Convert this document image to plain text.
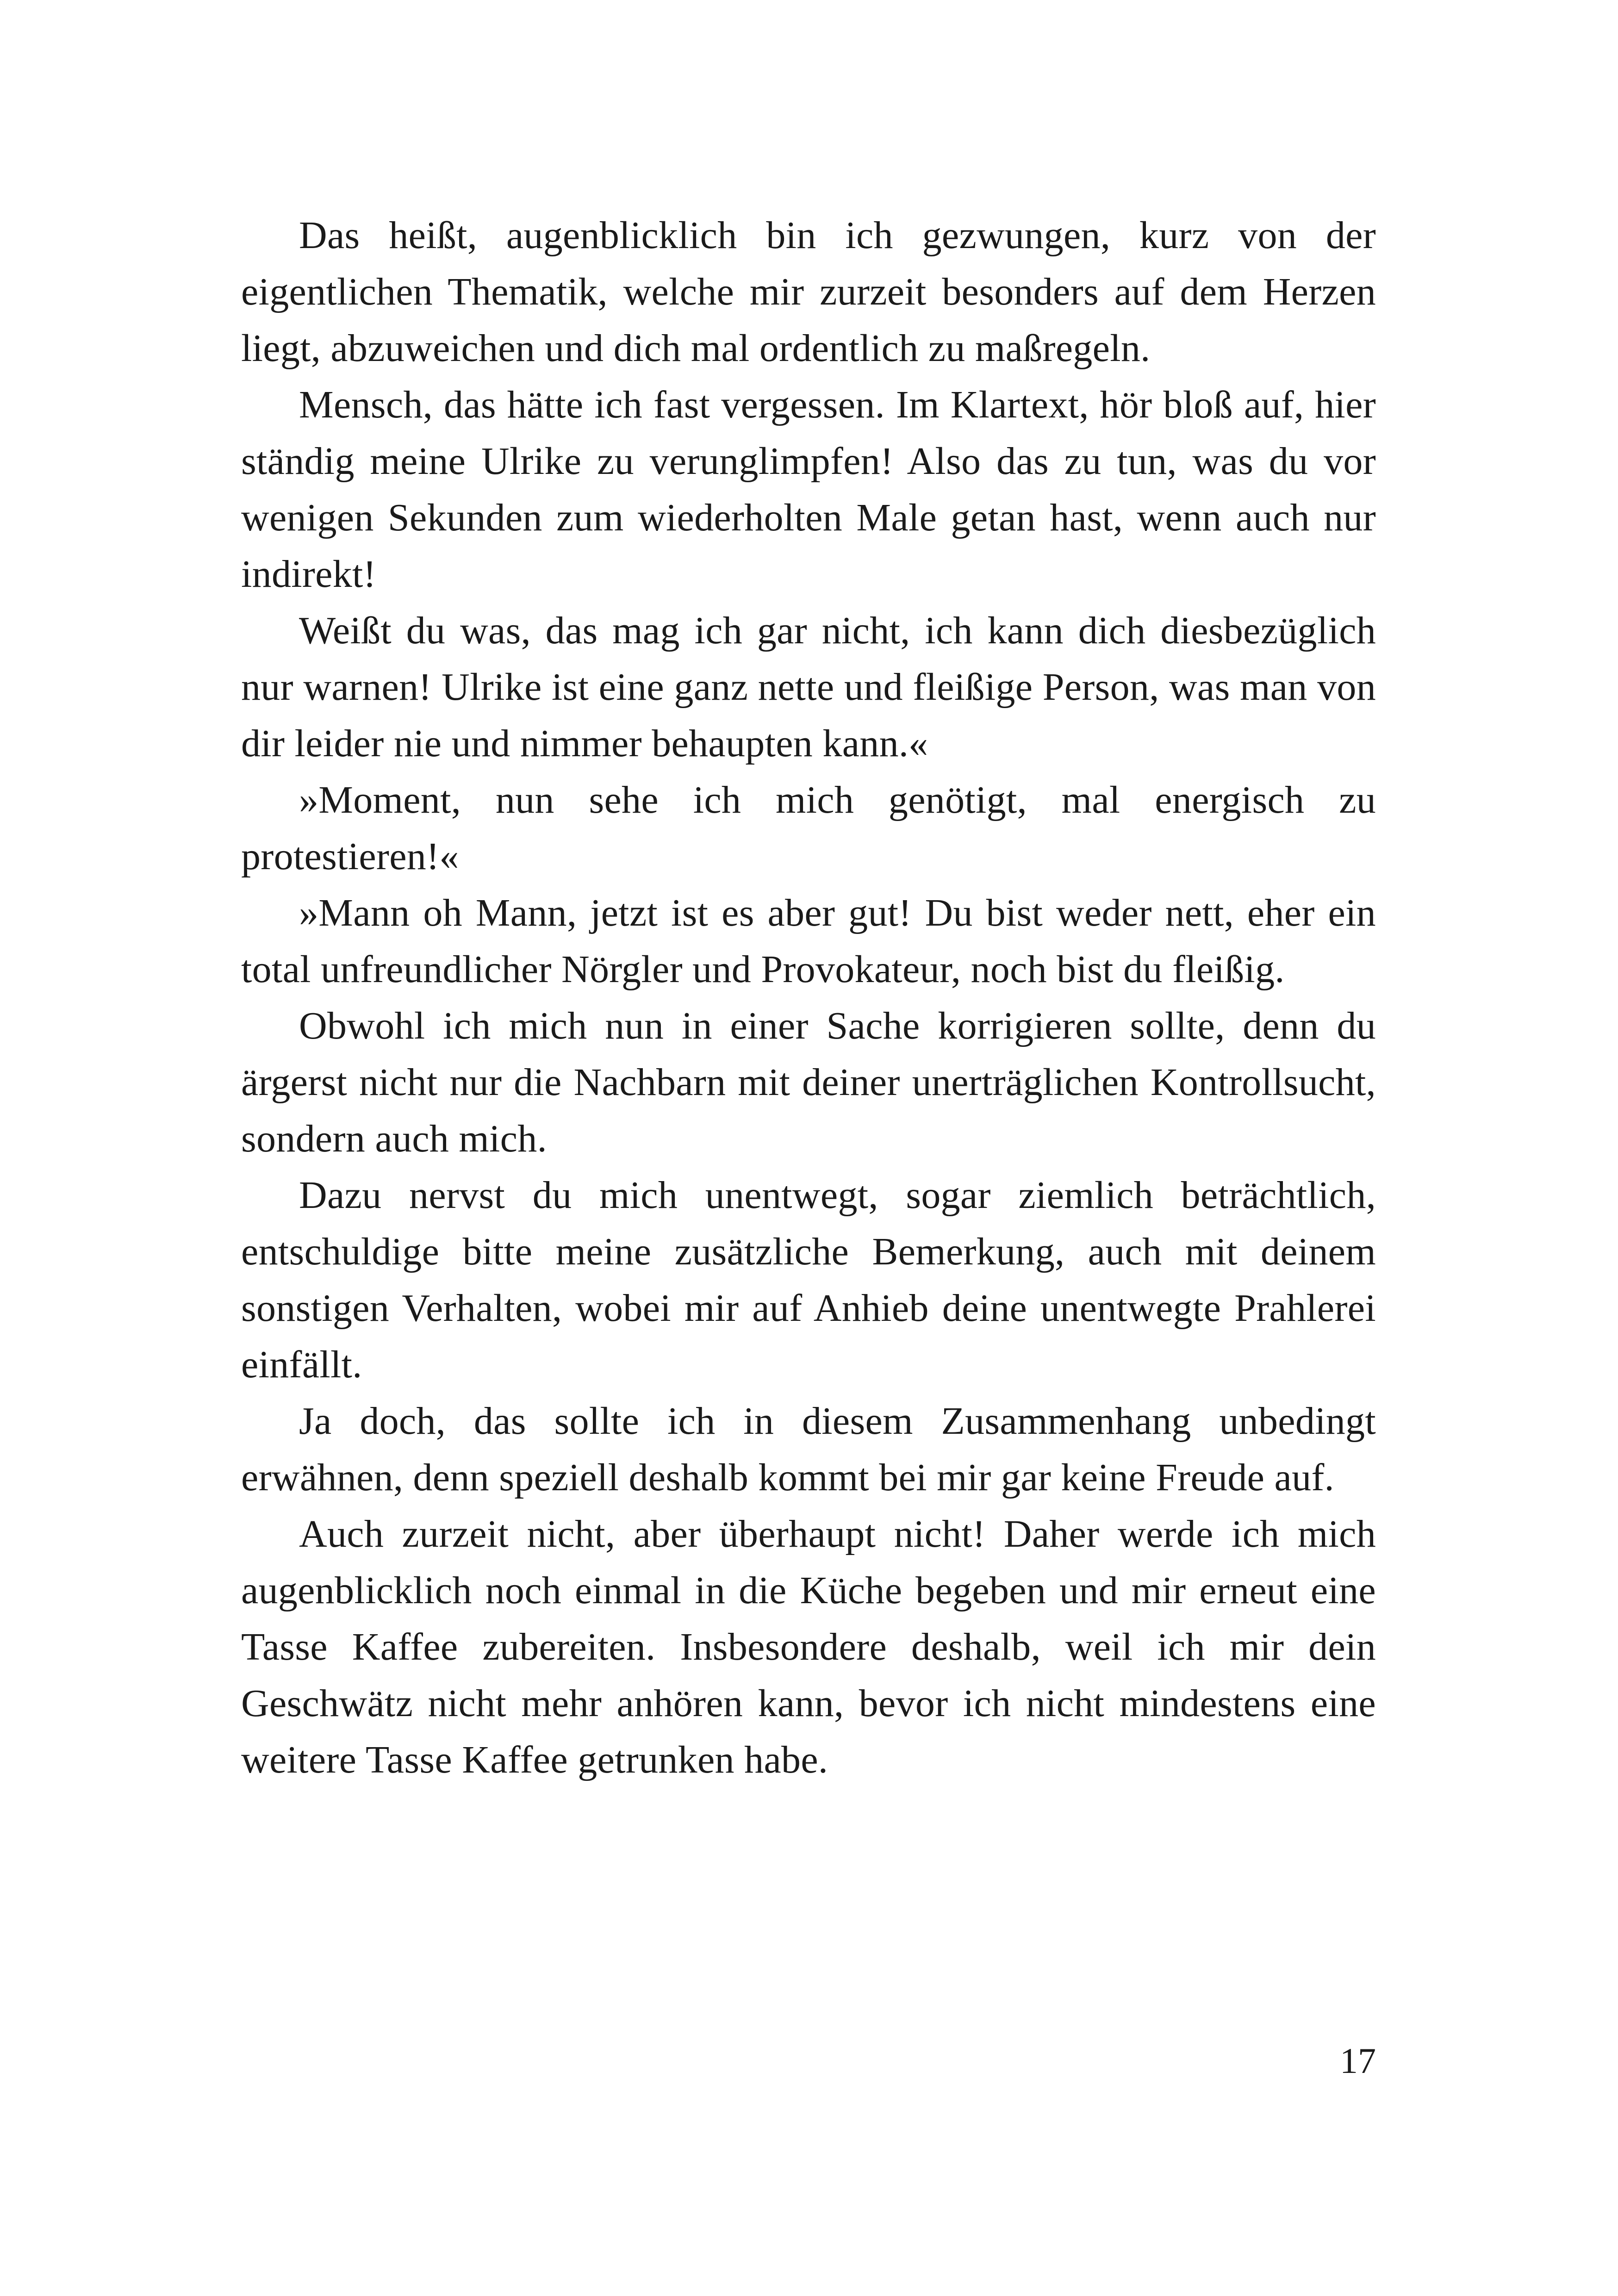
Das heißt, augenblicklich bin ich gezwungen, kurz von der eigentlichen Thematik, welche mir zurzeit besonders auf dem Herzen liegt, abzuweichen und dich mal ordentlich zu maßregeln.

Mensch, das hätte ich fast vergessen. Im Klartext, hör bloß auf, hier ständig meine Ulrike zu verunglimpfen! Also das zu tun, was du vor wenigen Sekunden zum wiederholten Male getan hast, wenn auch nur indirekt!

Weißt du was, das mag ich gar nicht, ich kann dich diesbezüglich nur warnen! Ulrike ist eine ganz nette und fleißige Person, was man von dir leider nie und nimmer behaupten kann.«

»Moment, nun sehe ich mich genötigt, mal energisch zu protestieren!«

»Mann oh Mann, jetzt ist es aber gut! Du bist weder nett, eher ein total unfreundlicher Nörgler und Provokateur, noch bist du fleißig.

Obwohl ich mich nun in einer Sache korrigieren sollte, denn du ärgerst nicht nur die Nachbarn mit deiner unerträglichen Kontrollsucht, sondern auch mich.

Dazu nervst du mich unentwegt, sogar ziemlich beträchtlich, entschuldige bitte meine zusätzliche Bemerkung, auch mit deinem sonstigen Verhalten, wobei mir auf Anhieb deine unentwegte Prahlerei einfällt.

Ja doch, das sollte ich in diesem Zusammenhang unbedingt erwähnen, denn speziell deshalb kommt bei mir gar keine Freude auf.

Auch zurzeit nicht, aber überhaupt nicht! Daher werde ich mich augenblicklich noch einmal in die Küche begeben und mir erneut eine Tasse Kaffee zubereiten. Insbesondere deshalb, weil ich mir dein Geschwätz nicht mehr anhören kann, bevor ich nicht mindestens eine weitere Tasse Kaffee getrunken habe.

17
